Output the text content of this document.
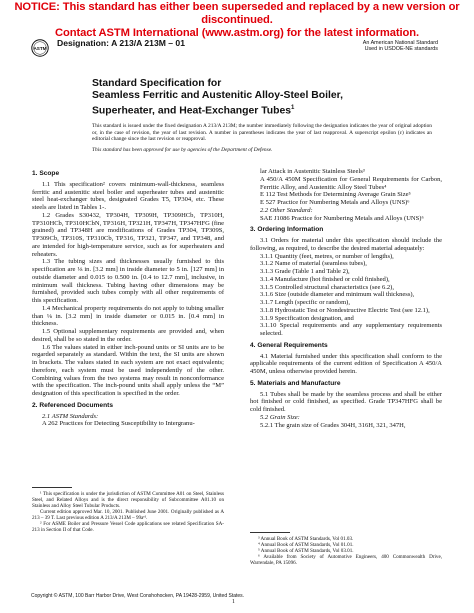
NOTICE: This standard has either been superseded and replaced by a new version or discontinued.
Contact ASTM International (www.astm.org) for the latest information.
ASTM
Designation: A 213/A 213M – 01	An American National Standard
Used in USDOE-NE standards
Standard Specification for
Seamless Ferritic and Austenitic Alloy-Steel Boiler,
Superheater, and Heat-Exchanger Tubes$^1$
This standard is issued under the fixed designation A 213/A 213M; the number immediately following the designation indicates the year of original adoption or, in the case of revision, the year of last revision. A number in parentheses indicates the year of last reapproval. A superscript epsilon (ε) indicates an editorial change since the last revision or reapproval.
This standard has been approved for use by agencies of the Department of Defense.

1. Scope

1.1 This specification² covers minimum-wall-thickness, seamless ferritic and austenitic steel boiler and superheater tubes and austenitic steel heat-exchanger tubes, designated Grades T5, TP304, etc. These steels are listed in Tables 1-.

1.2 Grades S30432, TP304H, TP309H, TP309HCb, TP310H, TP310HCb, TP310HCbN, TP316H, TP321H, TP347H, TP347HFG (fine grained) and TP348H are modifications of Grades TP304, TP309S, TP309Cb, TP310S, TP310Cb, TP316, TP321, TP347, and TP348, and are intended for high-temperature service, such as for superheaters and reheaters.

1.3 The tubing sizes and thicknesses usually furnished to this specification are ⅛ in. [3.2 mm] in inside diameter to 5 in. [127 mm] in outside diameter and 0.015 to 0.500 in. [0.4 to 12.7 mm], inclusive, in minimum wall thickness. Tubing having other dimensions may be furnished, provided such tubes comply with all other requirements of this specification.

1.4 Mechanical property requirements do not apply to tubing smaller than ⅛ in. [3.2 mm] in inside diameter or 0.015 in. [0.4 mm] in thickness.

1.5 Optional supplementary requirements are provided and, when desired, shall be so stated in the order.

1.6 The values stated in either inch-pound units or SI units are to be regarded separately as standard. Within the text, the SI units are shown in brackets. The values stated in each system are not exact equivalents; therefore, each system must be used independently of the other. Combining values from the two systems may result in nonconformance with the specification. The inch-pound units shall apply unless the “M” designation of this specification is specified in the order.

2. Referenced Documents

2.1 ASTM Standards:

A 262 Practices for Detecting Susceptibility to Intergranu-

¹ This specification is under the jurisdiction of ASTM Committee A01 on Steel, Stainless Steel, and Related Alloys and is the direct responsibility of Subcommittee A01.10 on Stainless and Alloy Steel Tubular Products.

Current edition approved Mar. 10, 2001. Published June 2001. Originally published as A 213 – 39 T. Last previous edition A 213/A 213M – 99aᵉ¹.

² For ASME Boiler and Pressure Vessel Code applications see related Specification SA-213 in Section II of that Code.

lar Attack in Austenitic Stainless Steels³

A 450/A 450M Specification for General Requirements for Carbon, Ferritic Alloy, and Austenitic Alloy Steel Tubes⁴

E 112 Test Methods for Determining Average Grain Size⁵

E 527 Practice for Numbering Metals and Alloys (UNS)⁶

2.2 Other Standard:

SAE J1086 Practice for Numbering Metals and Alloys (UNS)⁶

3. Ordering Information

3.1 Orders for material under this specification should include the following, as required, to describe the desired material adequately:

3.1.1 Quantity (feet, metres, or number of lengths),

3.1.2 Name of material (seamless tubes),

3.1.3 Grade (Table 1 and Table 2),

3.1.4 Manufacture (hot finished or cold finished),

3.1.5 Controlled structural characteristics (see 6.2),

3.1.6 Size (outside diameter and minimum wall thickness),

3.1.7 Length (specific or random),

3.1.8 Hydrostatic Test or Nondestructive Electric Test (see 12.1),

3.1.9 Specification designation, and

3.1.10 Special requirements and any supplementary requirements selected.

4. General Requirements

4.1 Material furnished under this specification shall conform to the applicable requirements of the current edition of Specification A 450/A 450M, unless otherwise provided herein.

5. Materials and Manufacture

5.1 Tubes shall be made by the seamless process and shall be either hot finished or cold finished, as specified. Grade TP347HFG shall be cold finished.

5.2 Grain Size:

5.2.1 The grain size of Grades 304H, 316H, 321, 347H,

³ Annual Book of ASTM Standards, Vol 01.03.

⁴ Annual Book of ASTM Standards, Vol 01.01.

⁵ Annual Book of ASTM Standards, Vol 03.01.

⁶ Available from Society of Automotive Engineers, 400 Commonwealth Drive, Warrendale, PA 15096.

Copyright © ASTM, 100 Barr Harbor Drive, West Conshohocken, PA 19428-2959, United States.
1
